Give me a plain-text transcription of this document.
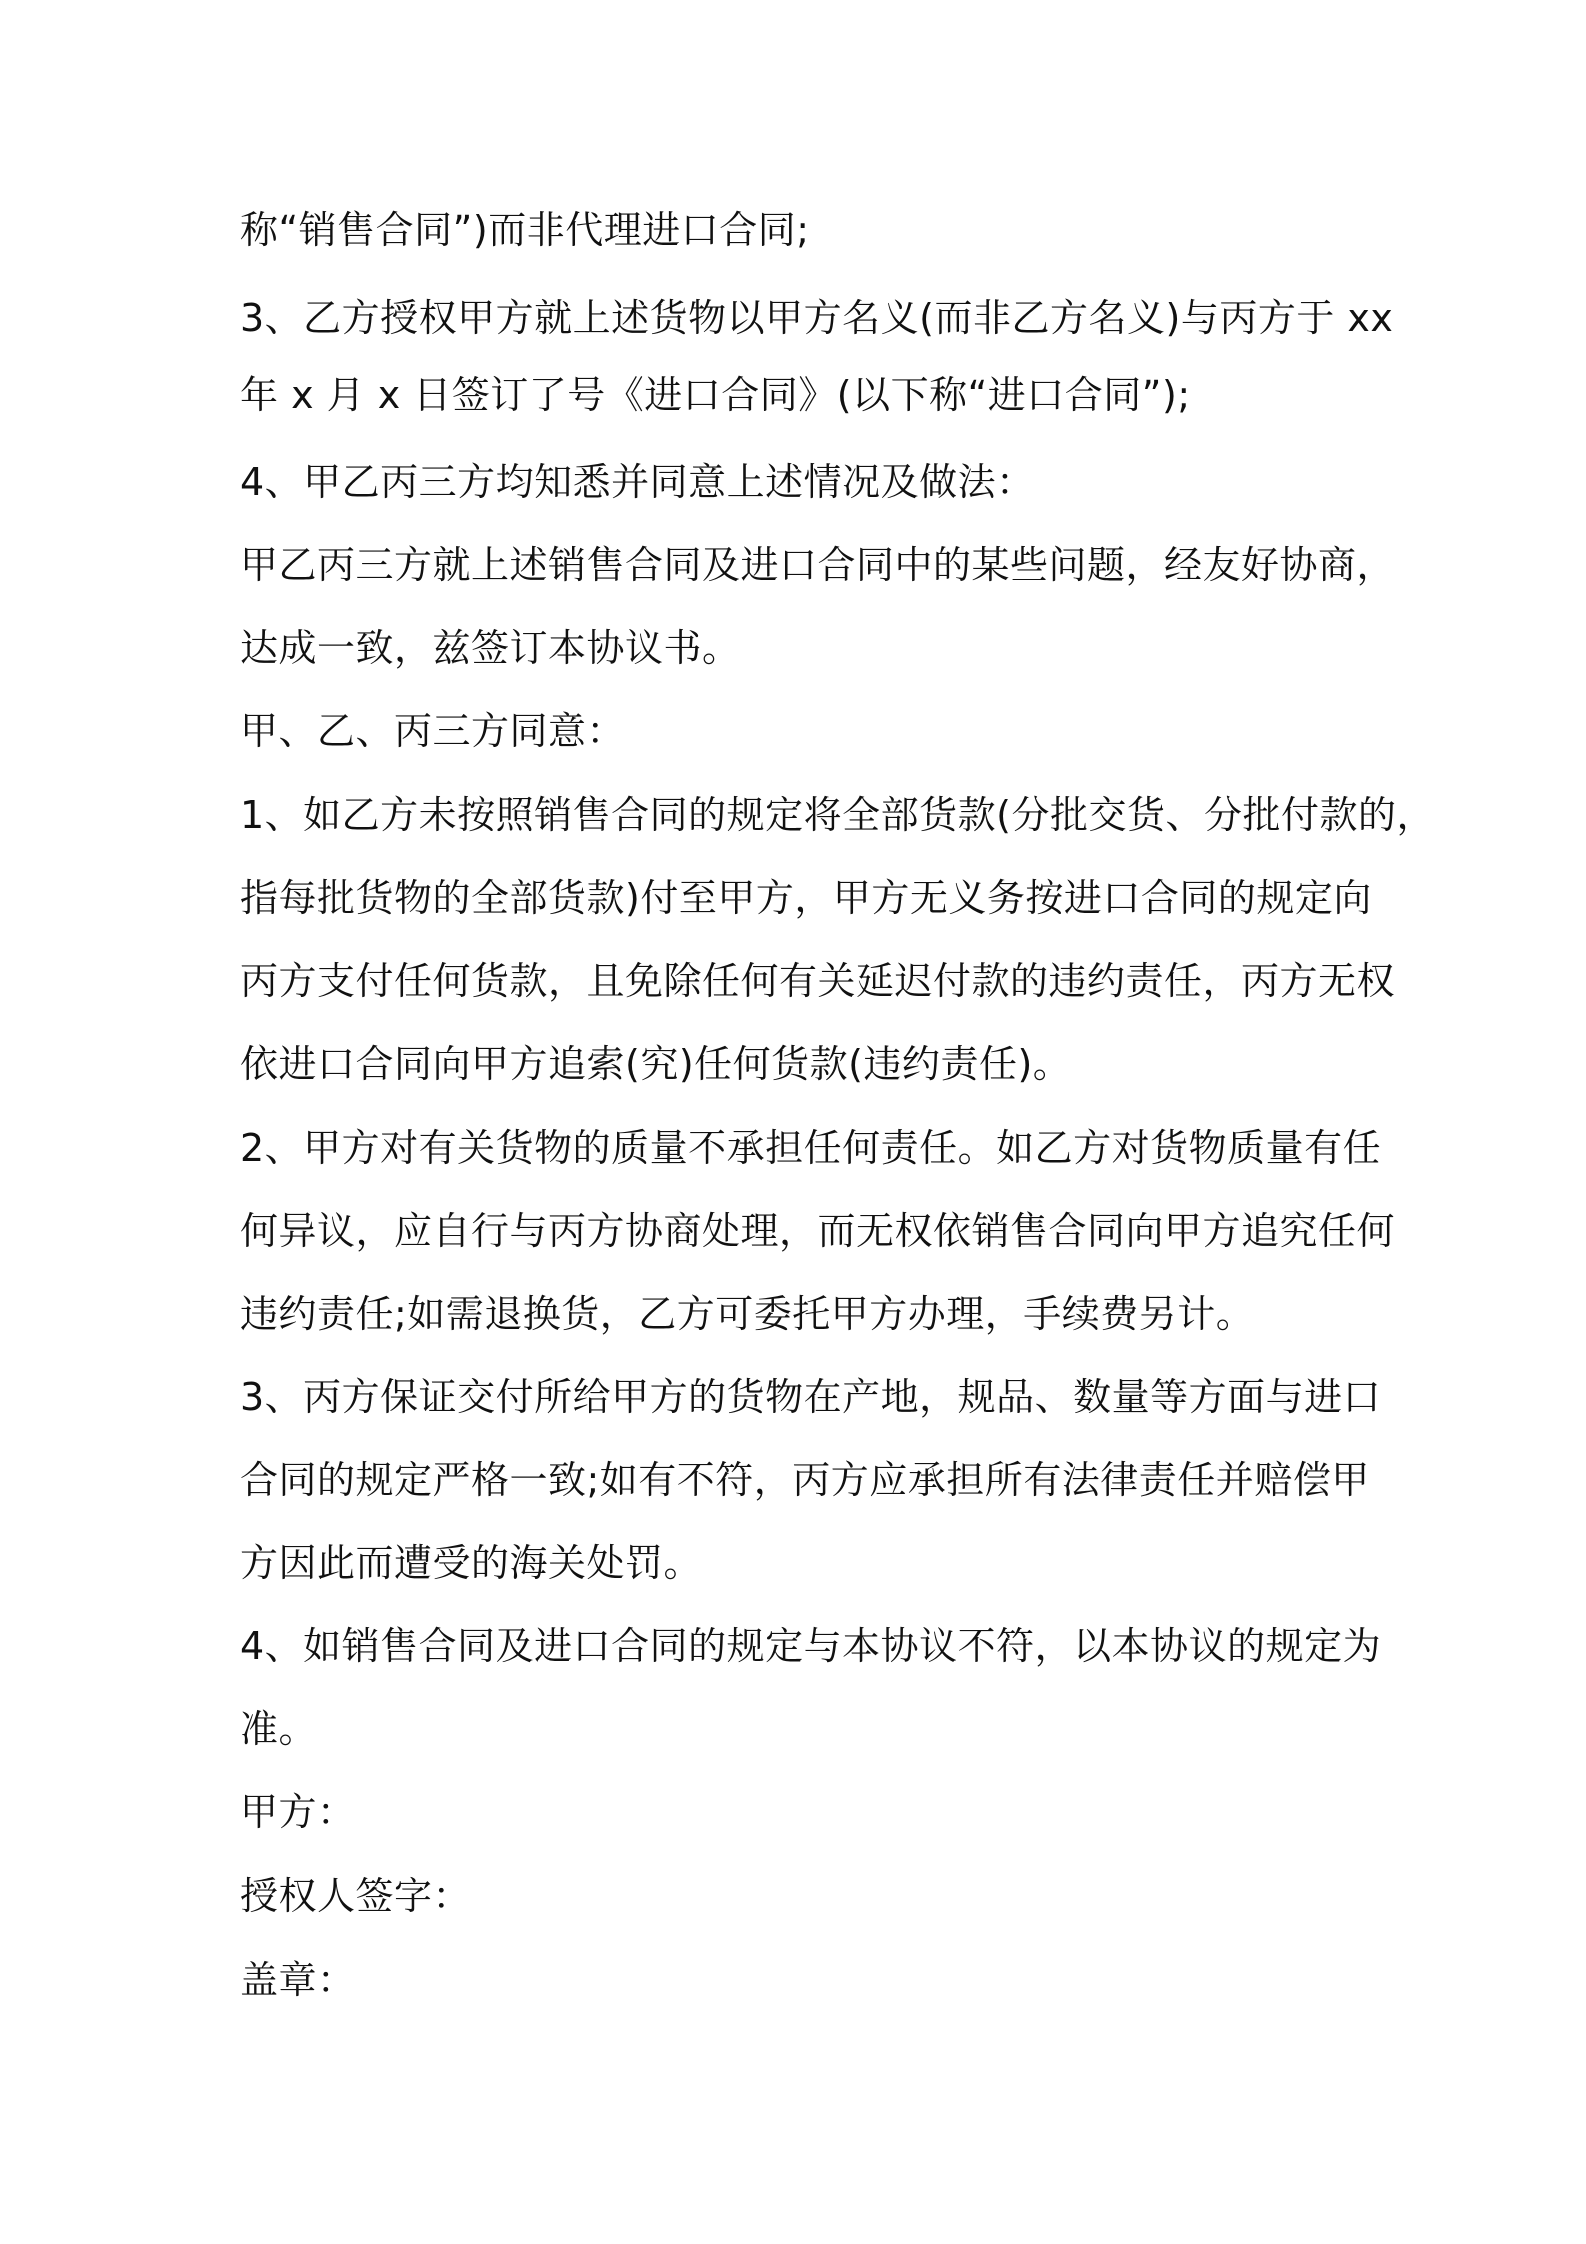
称“销售合同”)而非代理进口合同;
3、乙方授权甲方就上述货物以甲方名义(而非乙方名义)与丙方于 xx
年 x 月 x 日签订了号《进口合同》(以下称“进口合同”);
4、甲乙丙三方均知悉并同意上述情况及做法：
甲乙丙三方就上述销售合同及进口合同中的某些问题，经友好协商，
达成一致，兹签订本协议书。
甲、乙、丙三方同意：
1、如乙方未按照销售合同的规定将全部货款(分批交货、分批付款的，
指每批货物的全部货款)付至甲方，甲方无义务按进口合同的规定向
丙方支付任何货款，且免除任何有关延迟付款的违约责任，丙方无权
依进口合同向甲方追索(究)任何货款(违约责任)。
2、甲方对有关货物的质量不承担任何责任。如乙方对货物质量有任
何异议，应自行与丙方协商处理，而无权依销售合同向甲方追究任何
违约责任;如需退换货，乙方可委托甲方办理，手续费另计。
3、丙方保证交付所给甲方的货物在产地，规品、数量等方面与进口
合同的规定严格一致;如有不符，丙方应承担所有法律责任并赔偿甲
方因此而遭受的海关处罚。
4、如销售合同及进口合同的规定与本协议不符，以本协议的规定为
准。
甲方：
授权人签字：
盖章：
